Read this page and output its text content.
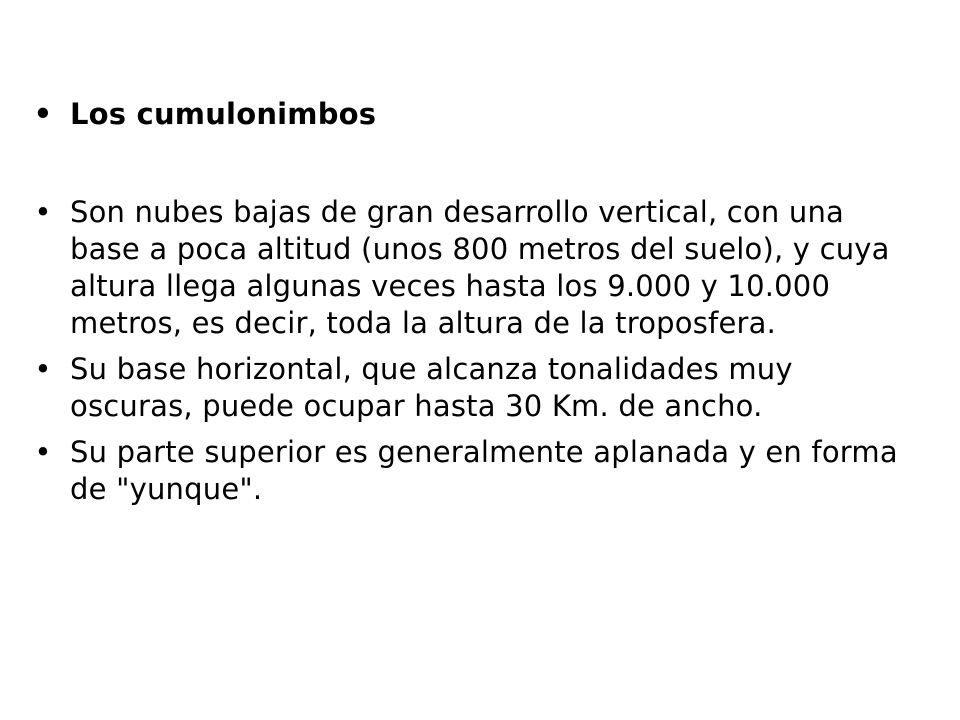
• Los cumulonimbos
• Son nubes bajas de gran desarrollo vertical, con una base a poca altitud (unos 800 metros del suelo), y cuya altura llega algunas veces hasta los 9.000 y 10.000 metros, es decir, toda la altura de la troposfera.
• Su base horizontal, que alcanza tonalidades muy oscuras, puede ocupar hasta 30 Km. de ancho.
• Su parte superior es generalmente aplanada y en forma de "yunque".
